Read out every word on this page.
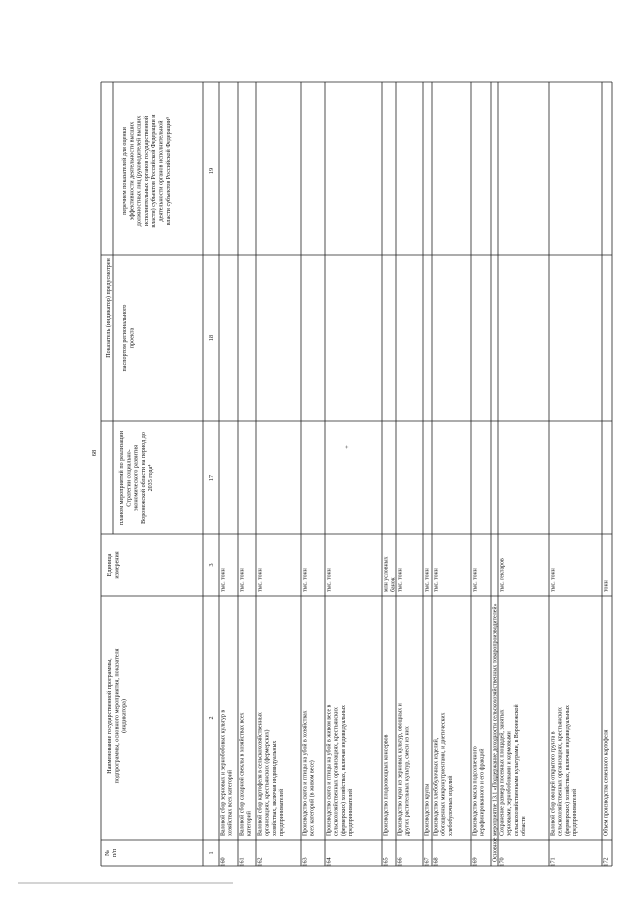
68
№п/п
Наименование государственной программы,подпрограммы, основного мероприятия, показателя(индикатора)
Единицаизмерения
Показатель (индикатор) предусмотрен
планом мероприятий по реализацииСтратегии социально-экономического развитияВоронежской области на период до2035 года⁴
паспортом региональногопроекта
перечнем показателей для оценкиэффективности деятельности высшихдолжностных лиц (руководителей высшихисполнительных органов государственнойвласти) субъектов Российской Федерации идеятельности органов исполнительнойвласти субъектов Российской Федерации⁵
1
2
3
17
18
19
160
Валовой сбор зерновых и зернобобовых культур вхозяйствах всех категорий
тыс. тонн
161
Валовой сбор сахарной свеклы в хозяйствах всехкатегорий
тыс. тонн
162
Валовой сбор картофеля в сельскохозяйственныхорганизациях, крестьянских (фермерских)хозяйствах, включая индивидуальныхпредпринимателей
тыс. тонн
163
Производство скота и птицы на убой в хозяйствахвсех категорий (в живом весе)
тыс. тонн
164
Производство скота и птицы на убой в живом весе всельскохозяйственных организациях, крестьянских(фермерских) хозяйствах, включая индивидуальныхпредпринимателей
тыс. тонн
165
Производство плодоовощных консервов
млн условныхбанок
166
Производство муки из зерновых культур, овощных идругих растительных культур, смеси из них
тыс. тонн
167
Производство крупы
тыс. тонн
168
Производство хлебобулочных изделий,обогащенных микронутриентами, и диетическиххлебобулочных изделий
тыс. тонн
169
Производство масла подсолнечногонерафинированного и его фракций
тыс. тонн
Основное мероприятие 13.1 «Поддержание доходности сельскохозяйственных товаропроизводителей» 170
Сохранение размера посевных площадей, занятыхзерновыми, зернобобовыми и кормовымисельскохозяйственными культурами, в Воронежскойобласти
тыс. гектаров
171
Валовой сбор овощей открытого грунта всельскохозяйственных организациях, крестьянских(фермерских) хозяйствах, включая индивидуальныхпредпринимателей
тыс. тонн
172
Объем производства семенного картофеля
тонн
+
